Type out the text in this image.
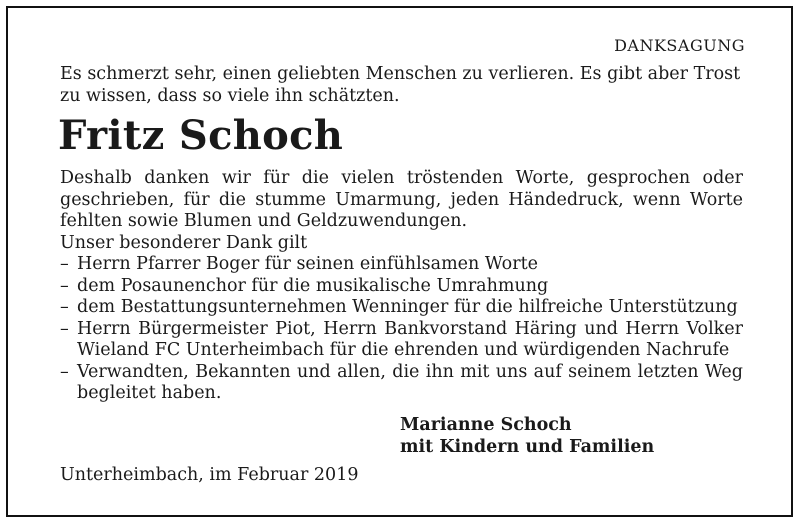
DANKSAGUNG
Es schmerzt sehr, einen geliebten Menschen zu verlieren. Es gibt aber Trost zu wissen, dass so viele ihn schätzten.
Fritz Schoch

Deshalb danken wir für die vielen tröstenden Worte, gesprochen oder geschrieben, für die stumme Umarmung, jeden Händedruck, wenn Worte fehlten sowie Blumen und Geldzuwendungen.

Unser besonderer Dank gilt

– Herrn Pfarrer Boger für seinen einfühlsamen Worte
– dem Posaunenchor für die musikalische Umrahmung
– dem Bestattungsunternehmen Wenninger für die hilfreiche Unterstützung
– Herrn Bürgermeister Piot, Herrn Bankvorstand Häring und Herrn Volker Wieland FC Unterheimbach für die ehrenden und würdigenden Nachrufe
– Verwandten, Bekannten und allen, die ihn mit uns auf seinem letzten Weg begleitet haben.
Marianne Schoch
mit Kindern und Familien
Unterheimbach, im Februar 2019
